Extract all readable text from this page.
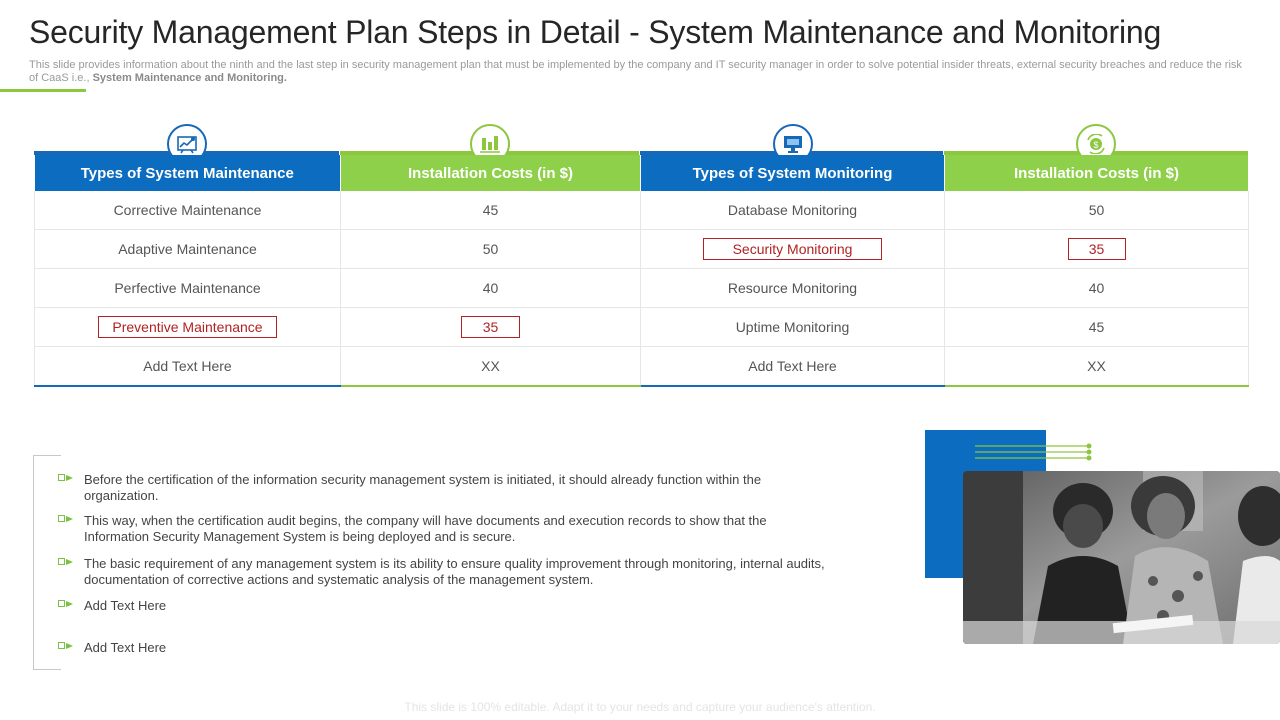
Security Management Plan Steps in Detail - System Maintenance and Monitoring
This slide provides information about the ninth and the last step in security management plan that must be implemented by the company and IT security manager in order to solve potential insider threats, external security breaches and reduce the risk of CaaS i.e., System Maintenance and Monitoring.
$
Types of System Maintenance	Installation Costs (in $)	Types of System Monitoring	Installation Costs (in $)
Corrective Maintenance	45	Database Monitoring	50
Adaptive Maintenance	50	Security Monitoring	35
Perfective Maintenance	40	Resource Monitoring	40
Preventive Maintenance	35	Uptime Monitoring	45
Add Text Here	XX	Add Text Here	XX
Before the certification of the information security management system is initiated, it should already function within the organization.
This way, when the certification audit begins, the company will have documents and execution records to show that the Information Security Management System is being deployed and is secure.
The basic requirement of any management system is its ability to ensure quality improvement through monitoring, internal audits, documentation of corrective actions and systematic analysis of the management system.
Add Text Here
Add Text Here
This slide is 100% editable. Adapt it to your needs and capture your audience's attention.
